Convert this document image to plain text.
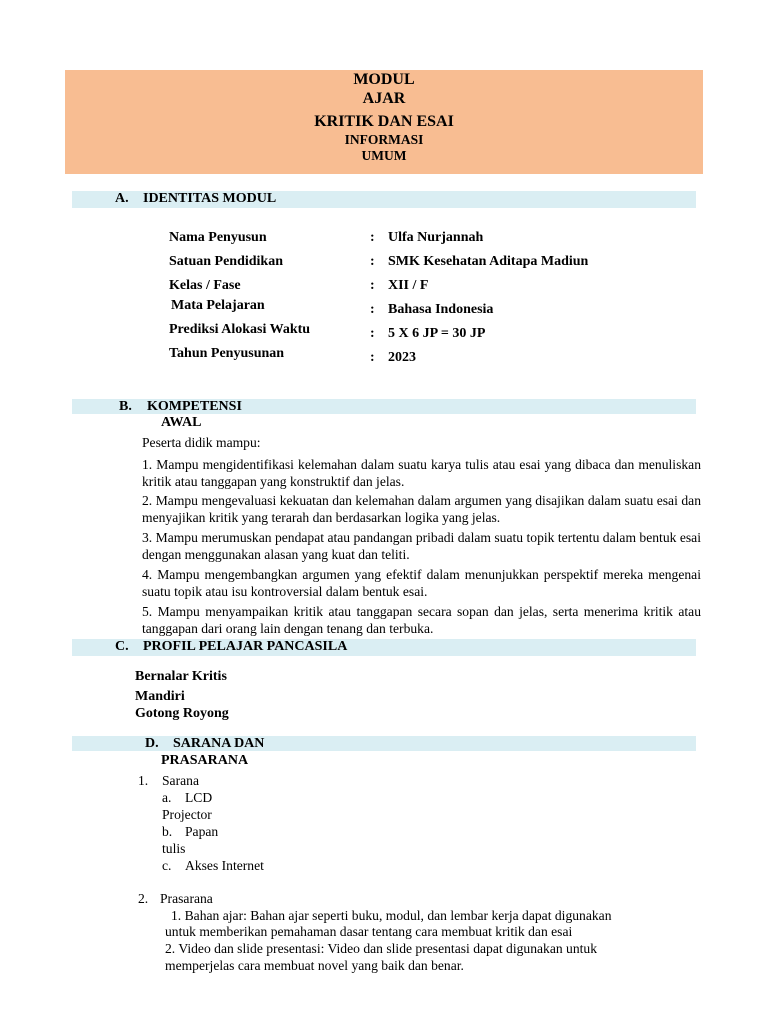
MODUL
AJAR
KRITIK DAN ESAI
INFORMASI
UMUM
A. IDENTITAS MODUL
Nama Penyusun	: Ulfa Nurjannah
Satuan Pendidikan	: SMK Kesehatan Aditapa Madiun
Kelas / Fase	: XII / F
Mata Pelajaran	: Bahasa Indonesia
Prediksi Alokasi Waktu	: 5 X 6 JP = 30 JP
Tahun Penyusunan	: 2023
B. KOMPETENSI
AWAL
Peserta didik mampu:
1. Mampu mengidentifikasi kelemahan dalam suatu karya tulis atau esai yang dibaca dan menuliskan kritik atau tanggapan yang konstruktif dan jelas.
2. Mampu mengevaluasi kekuatan dan kelemahan dalam argumen yang disajikan dalam suatu esai dan menyajikan kritik yang terarah dan berdasarkan logika yang jelas.
3. Mampu merumuskan pendapat atau pandangan pribadi dalam suatu topik tertentu dalam bentuk esai dengan menggunakan alasan yang kuat dan teliti.
4. Mampu mengembangkan argumen yang efektif dalam menunjukkan perspektif mereka mengenai suatu topik atau isu kontroversial dalam bentuk esai.
5. Mampu menyampaikan kritik atau tanggapan secara sopan dan jelas, serta menerima kritik atau tanggapan dari orang lain dengan tenang dan terbuka.
C. PROFIL PELAJAR PANCASILA
Bernalar Kritis
Mandiri
Gotong Royong
D. SARANA DAN
PRASARANA
1. Sarana
a. LCD
Projector
b. Papan
tulis
c. Akses Internet
2. Prasarana
1. Bahan ajar: Bahan ajar seperti buku, modul, dan lembar kerja dapat digunakan
untuk memberikan pemahaman dasar tentang cara membuat kritik dan esai
2. Video dan slide presentasi: Video dan slide presentasi dapat digunakan untuk
memperjelas cara membuat novel yang baik dan benar.
